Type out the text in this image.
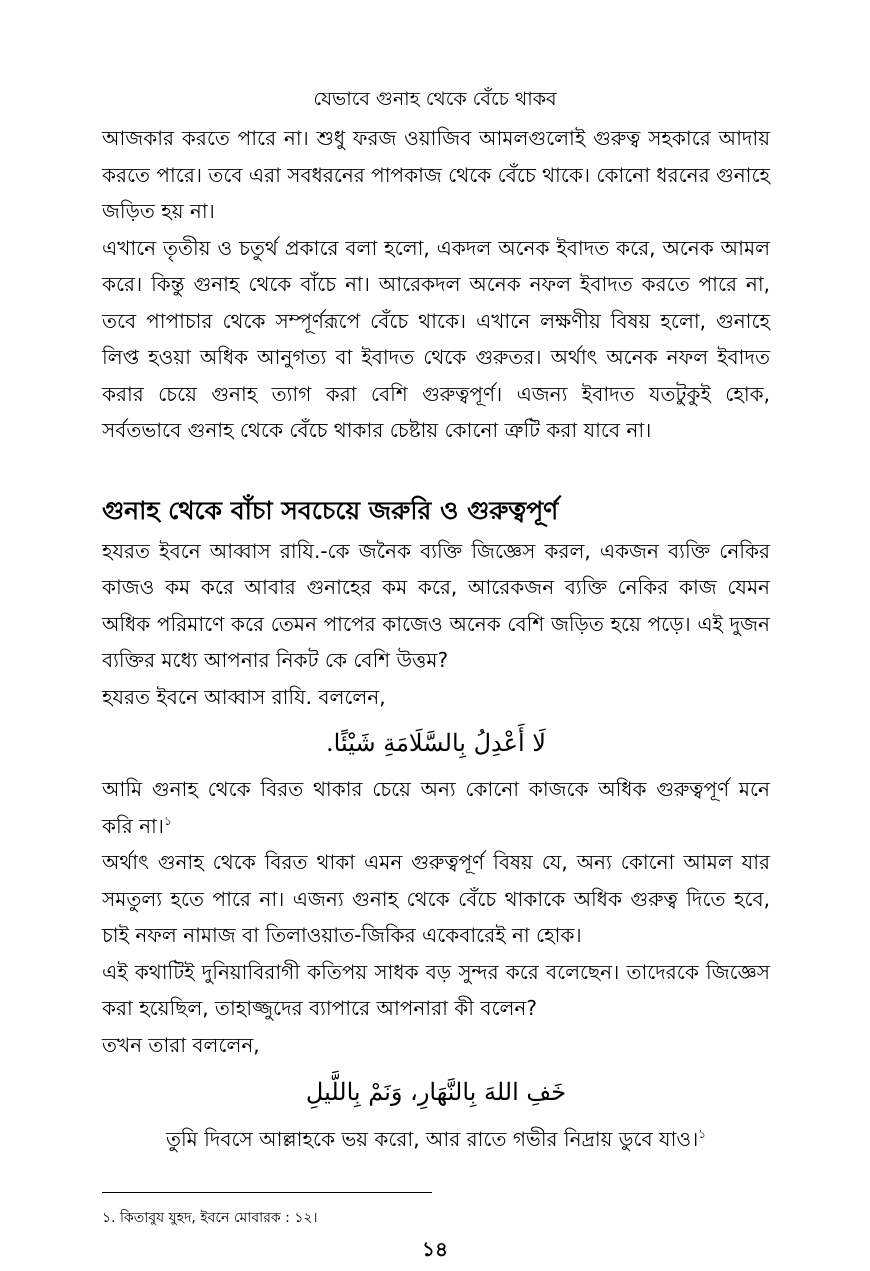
যেভাবে গুনাহ থেকে বেঁচে থাকব

আজকার করতে পারে না। শুধু ফরজ ওয়াজিব আমলগুলোই গুরুত্ব সহকারে আদায় করতে পারে। তবে এরা সবধরনের পাপকাজ থেকে বেঁচে থাকে। কোনো ধরনের গুনাহে জড়িত হয় না।

এখানে তৃতীয় ও চতুর্থ প্রকারে বলা হলো, একদল অনেক ইবাদত করে, অনেক আমল করে। কিন্তু গুনাহ থেকে বাঁচে না। আরেকদল অনেক নফল ইবাদত করতে পারে না, তবে পাপাচার থেকে সম্পূর্ণরূপে বেঁচে থাকে। এখানে লক্ষণীয় বিষয় হলো, গুনাহে লিপ্ত হওয়া অধিক আনুগত্য বা ইবাদত থেকে গুরুতর। অর্থাৎ অনেক নফল ইবাদত করার চেয়ে গুনাহ ত্যাগ করা বেশি গুরুত্বপূর্ণ। এজন্য ইবাদত যতটুকুই হোক, সর্বতভাবে গুনাহ থেকে বেঁচে থাকার চেষ্টায় কোনো ত্রুটি করা যাবে না।

গুনাহ থেকে বাঁচা সবচেয়ে জরুরি ও গুরুত্বপূর্ণ

হযরত ইবনে আব্বাস রাযি.-কে জনৈক ব্যক্তি জিজ্ঞেস করল, একজন ব্যক্তি নেকির কাজও কম করে আবার গুনাহের কম করে, আরেকজন ব্যক্তি নেকির কাজ যেমন অধিক পরিমাণে করে তেমন পাপের কাজেও অনেক বেশি জড়িত হয়ে পড়ে। এই দুজন ব্যক্তির মধ্যে আপনার নিকট কে বেশি উত্তম?

হযরত ইবনে আব্বাস রাযি. বললেন,

لَا أَعْدِلُ بِالسَّلَامَةِ شَيْئًا.

আমি গুনাহ থেকে বিরত থাকার চেয়ে অন্য কোনো কাজকে অধিক গুরুত্বপূর্ণ মনে করি না।$^১$

অর্থাৎ গুনাহ থেকে বিরত থাকা এমন গুরুত্বপূর্ণ বিষয় যে, অন্য কোনো আমল যার সমতুল্য হতে পারে না। এজন্য গুনাহ থেকে বেঁচে থাকাকে অধিক গুরুত্ব দিতে হবে, চাই নফল নামাজ বা তিলাওয়াত-জিকির একেবারেই না হোক।

এই কথাটিই দুনিয়াবিরাগী কতিপয় সাধক বড় সুন্দর করে বলেছেন। তাদেরকে জিজ্ঞেস করা হয়েছিল, তাহাজ্জুদের ব্যাপারে আপনারা কী বলেন?

তখন তারা বললেন,

خَفِ اللهَ بِالنَّهَارِ، وَنَمْ بِاللَّيلِ

তুমি দিবসে আল্লাহকে ভয় করো, আর রাতে গভীর নিদ্রায় ডুবে যাও।$^১$

১. কিতাবুয যুহদ, ইবনে মোবারক : ১২।
১৪
